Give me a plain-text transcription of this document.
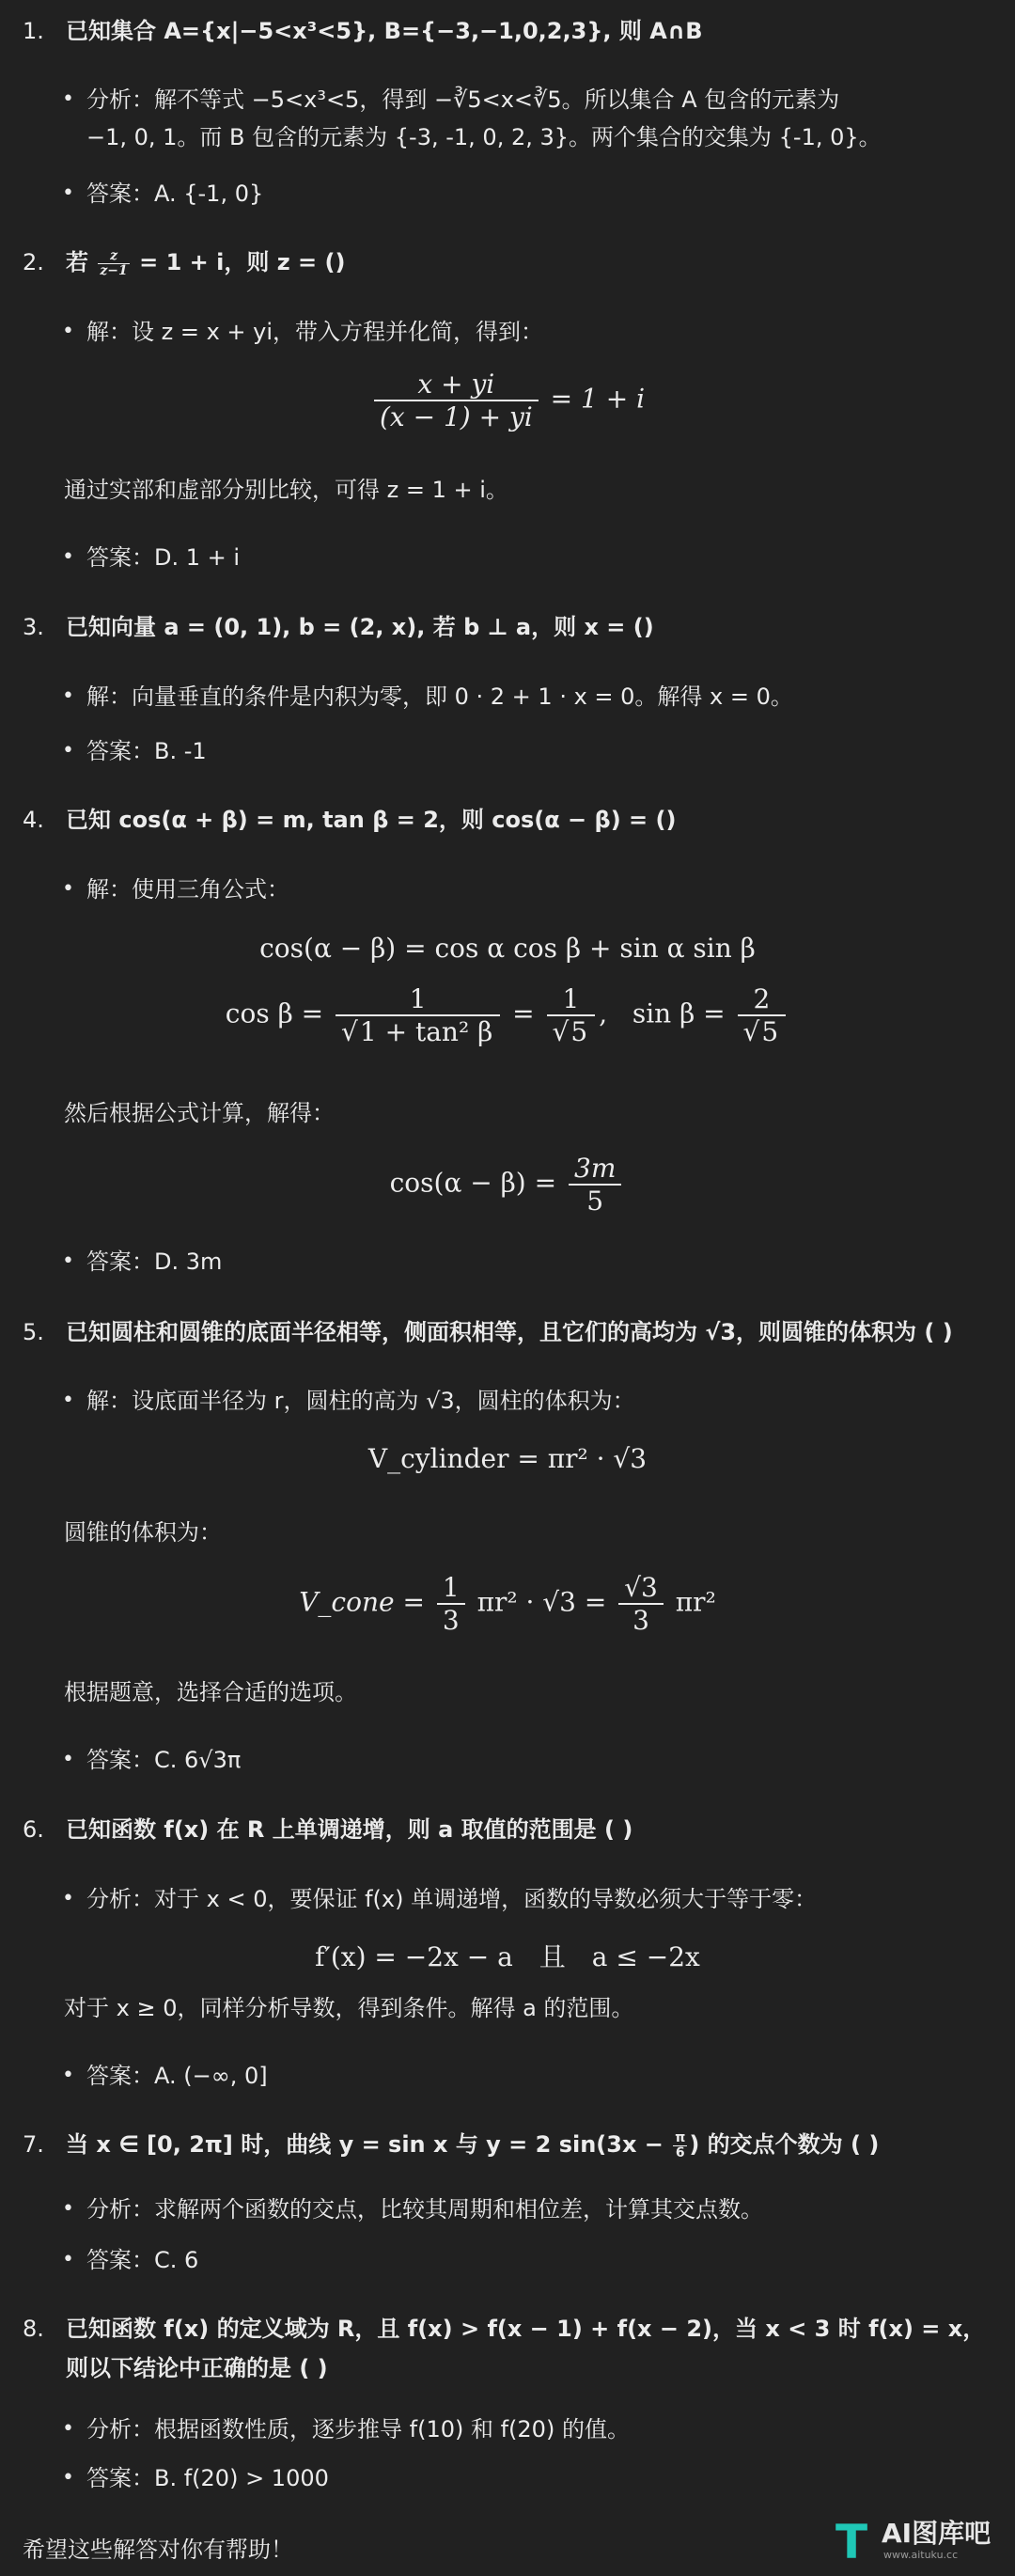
1. 已知集合 A={x|−5<x³<5}, B={−3,−1,0,2,3}, 则 A∩B
• 分析：解不等式 −5<x³<5，得到 −∛5<x<∛5。所以集合 A 包含的元素为
−1, 0, 1。而 B 包含的元素为 {-3, -1, 0, 2, 3}。两个集合的交集为 {-1, 0}。
• 答案：A. {-1, 0}
2. 若 $\frac{z}{z-1} = 1 + i$，则 z = ()
• 解：设 z = x + yi，带入方程并化简，得到：
$\frac{x + yi}{(x - 1) + yi} = 1 + i$
通过实部和虚部分别比较，可得 z = 1 + i。
• 答案：D. 1 + i
3. 已知向量 a = (0, 1), b = (2, x), 若 b ⊥ a，则 x = ()
• 解：向量垂直的条件是内积为零，即 0 · 2 + 1 · x = 0。解得 x = 0。
• 答案：B. -1
4. 已知 cos(α + β) = m, tan β = 2，则 cos(α − β) = ()
• 解：使用三角公式：
cos(α − β) = cos α cos β + sin α sin β
$\cos \beta = \frac{1}{\text{√1 + tan² β}} = \frac{1}{√5}$ ,   $\sin \beta = \frac{2}{√5}$
然后根据公式计算，解得：
$\cos(\alpha - \beta) = \frac{3m}{5}$
• 答案：D. 3m
5. 已知圆柱和圆锥的底面半径相等，侧面积相等，且它们的高均为 √3，则圆锥的体积为 ( )
• 解：设底面半径为 r，圆柱的高为 √3，圆柱的体积为：
V_cylinder = πr² · √3
圆锥的体积为：
V_cone = $\frac{1}{3} \pi r^2 \cdot √3 = \frac{√3}{3} \pi r^2$
根据题意，选择合适的选项。
• 答案：C. 6√3π
6. 已知函数 f(x) 在 R 上单调递增，则 a 取值的范围是 ( )
• 分析：对于 x < 0，要保证 f(x) 单调递增，函数的导数必须大于等于零：
f′(x) = −2x − a　且　a ≤ −2x
对于 x ≥ 0，同样分析导数，得到条件。解得 a 的范围。
• 答案：A. (−∞, 0]
7. 当 x ∈ [0, 2π] 时，曲线 y = sin x 与 y = 2 $\sin(3x - \frac{\pi}{6}$ ) 的交点个数为 ( )
• 分析：求解两个函数的交点，比较其周期和相位差，计算其交点数。
• 答案：C. 6
8. 已知函数 f(x) 的定义域为 R，且 f(x) > f(x − 1) + f(x − 2)，当 x < 3 时 f(x) = x，
则以下结论中正确的是 ( )
• 分析：根据函数性质，逐步推导 f(10) 和 f(20) 的值。
• 答案：B. f(20) > 1000
希望这些解答对你有帮助！	T AI图库吧
www.aituku.cc
